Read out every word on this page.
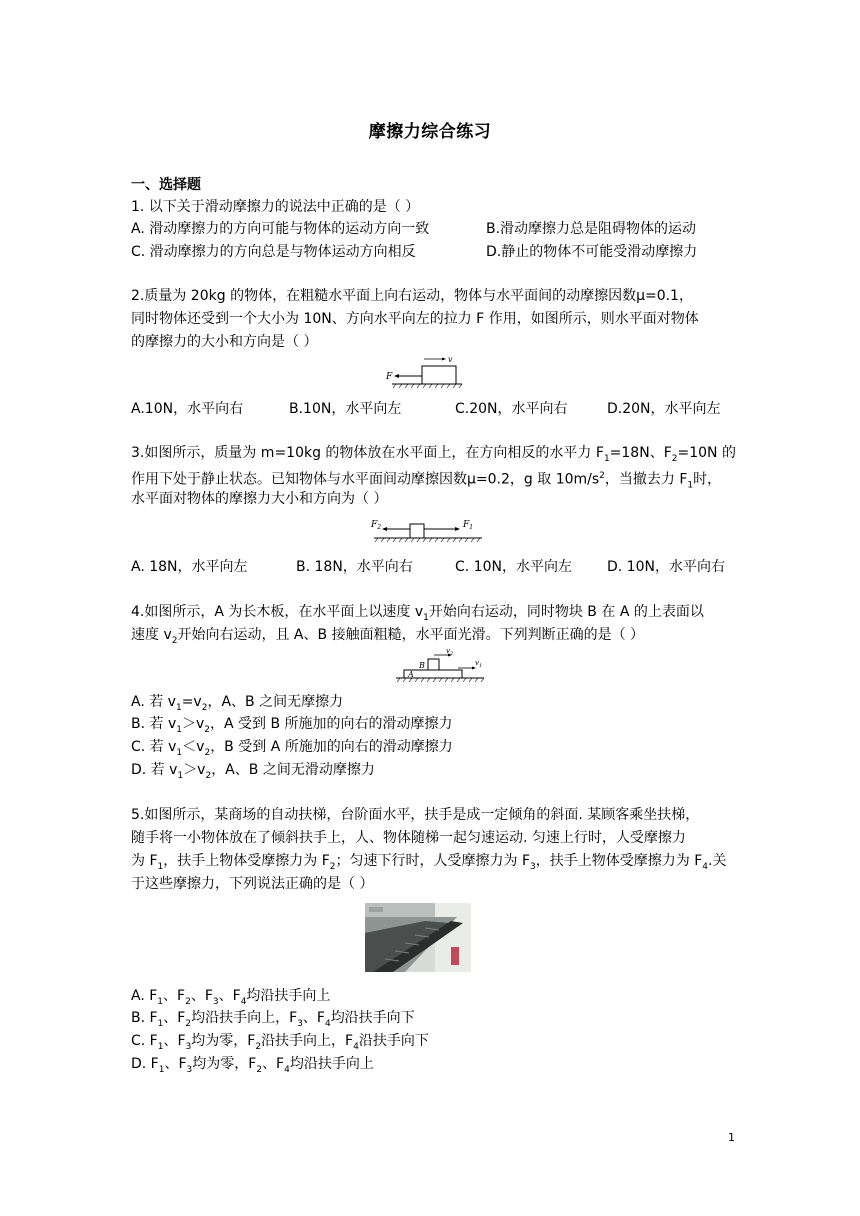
摩擦力综合练习
一、选择题
1. 以下关于滑动摩擦力的说法中正确的是（ ）
A. 滑动摩擦力的方向可能与物体的运动方向一致	B.滑动摩擦力总是阻碍物体的运动
C. 滑动摩擦力的方向总是与物体运动方向相反	D.静止的物体不可能受滑动摩擦力
2.质量为 20kg 的物体，在粗糙水平面上向右运动，物体与水平面间的动摩擦因数μ=0.1，
同时物体还受到一个大小为 10N、方向水平向左的拉力 F 作用，如图所示，则水平面对物体
的摩擦力的大小和方向是（ ）
F
v
A.10N，水平向右	B.10N，水平向左	C.20N，水平向右	D.20N，水平向左
3.如图所示，质量为 m=10kg 的物体放在水平面上，在方向相反的水平力 $F_1=18N$、$F_2=10N$ 的
作用下处于静止状态。已知物体与水平面间动摩擦因数μ=0.2，g 取 $10m/s^2$，当撤去力 $F_1$时，
水平面对物体的摩擦力大小和方向为（ ）
$F_2$	$F_1$
A. 18N，水平向左	B. 18N，水平向右	C. 10N，水平向左	D. 10N，水平向右
4.如图所示，A 为长木板，在水平面上以速度 $v_1$开始向右运动，同时物块 B 在 A 的上表面以
速度 $v_2$开始向右运动，且 A、B 接触面粗糙，水平面光滑。下列判断正确的是（ ）
A
B
$v_2$
$v_1$
A. 若 $v_1=v_2$，A、B 之间无摩擦力
B. 若 $v_1>v_2$，A 受到 B 所施加的向右的滑动摩擦力
C. 若 $v_1<v_2$，B 受到 A 所施加的向右的滑动摩擦力
D. 若 $v_1>v_2$，A、B 之间无滑动摩擦力
5.如图所示，某商场的自动扶梯，台阶面水平，扶手是成一定倾角的斜面. 某顾客乘坐扶梯，
随手将一小物体放在了倾斜扶手上，人、物体随梯一起匀速运动. 匀速上行时，人受摩擦力
为 $F_1$，扶手上物体受摩擦力为 $F_2$；匀速下行时，人受摩擦力为 $F_3$，扶手上物体受摩擦力为 $F_4$.关
于这些摩擦力，下列说法正确的是（ ）
A. $F_1$、$F_2$、$F_3$、$F_4$均沿扶手向上
B. $F_1$、$F_2$均沿扶手向上，$F_3$、$F_4$均沿扶手向下
C. $F_1$、$F_3$均为零，$F_2$沿扶手向上，$F_4$沿扶手向下
D. $F_1$、$F_3$均为零，$F_2$、$F_4$均沿扶手向上
1
